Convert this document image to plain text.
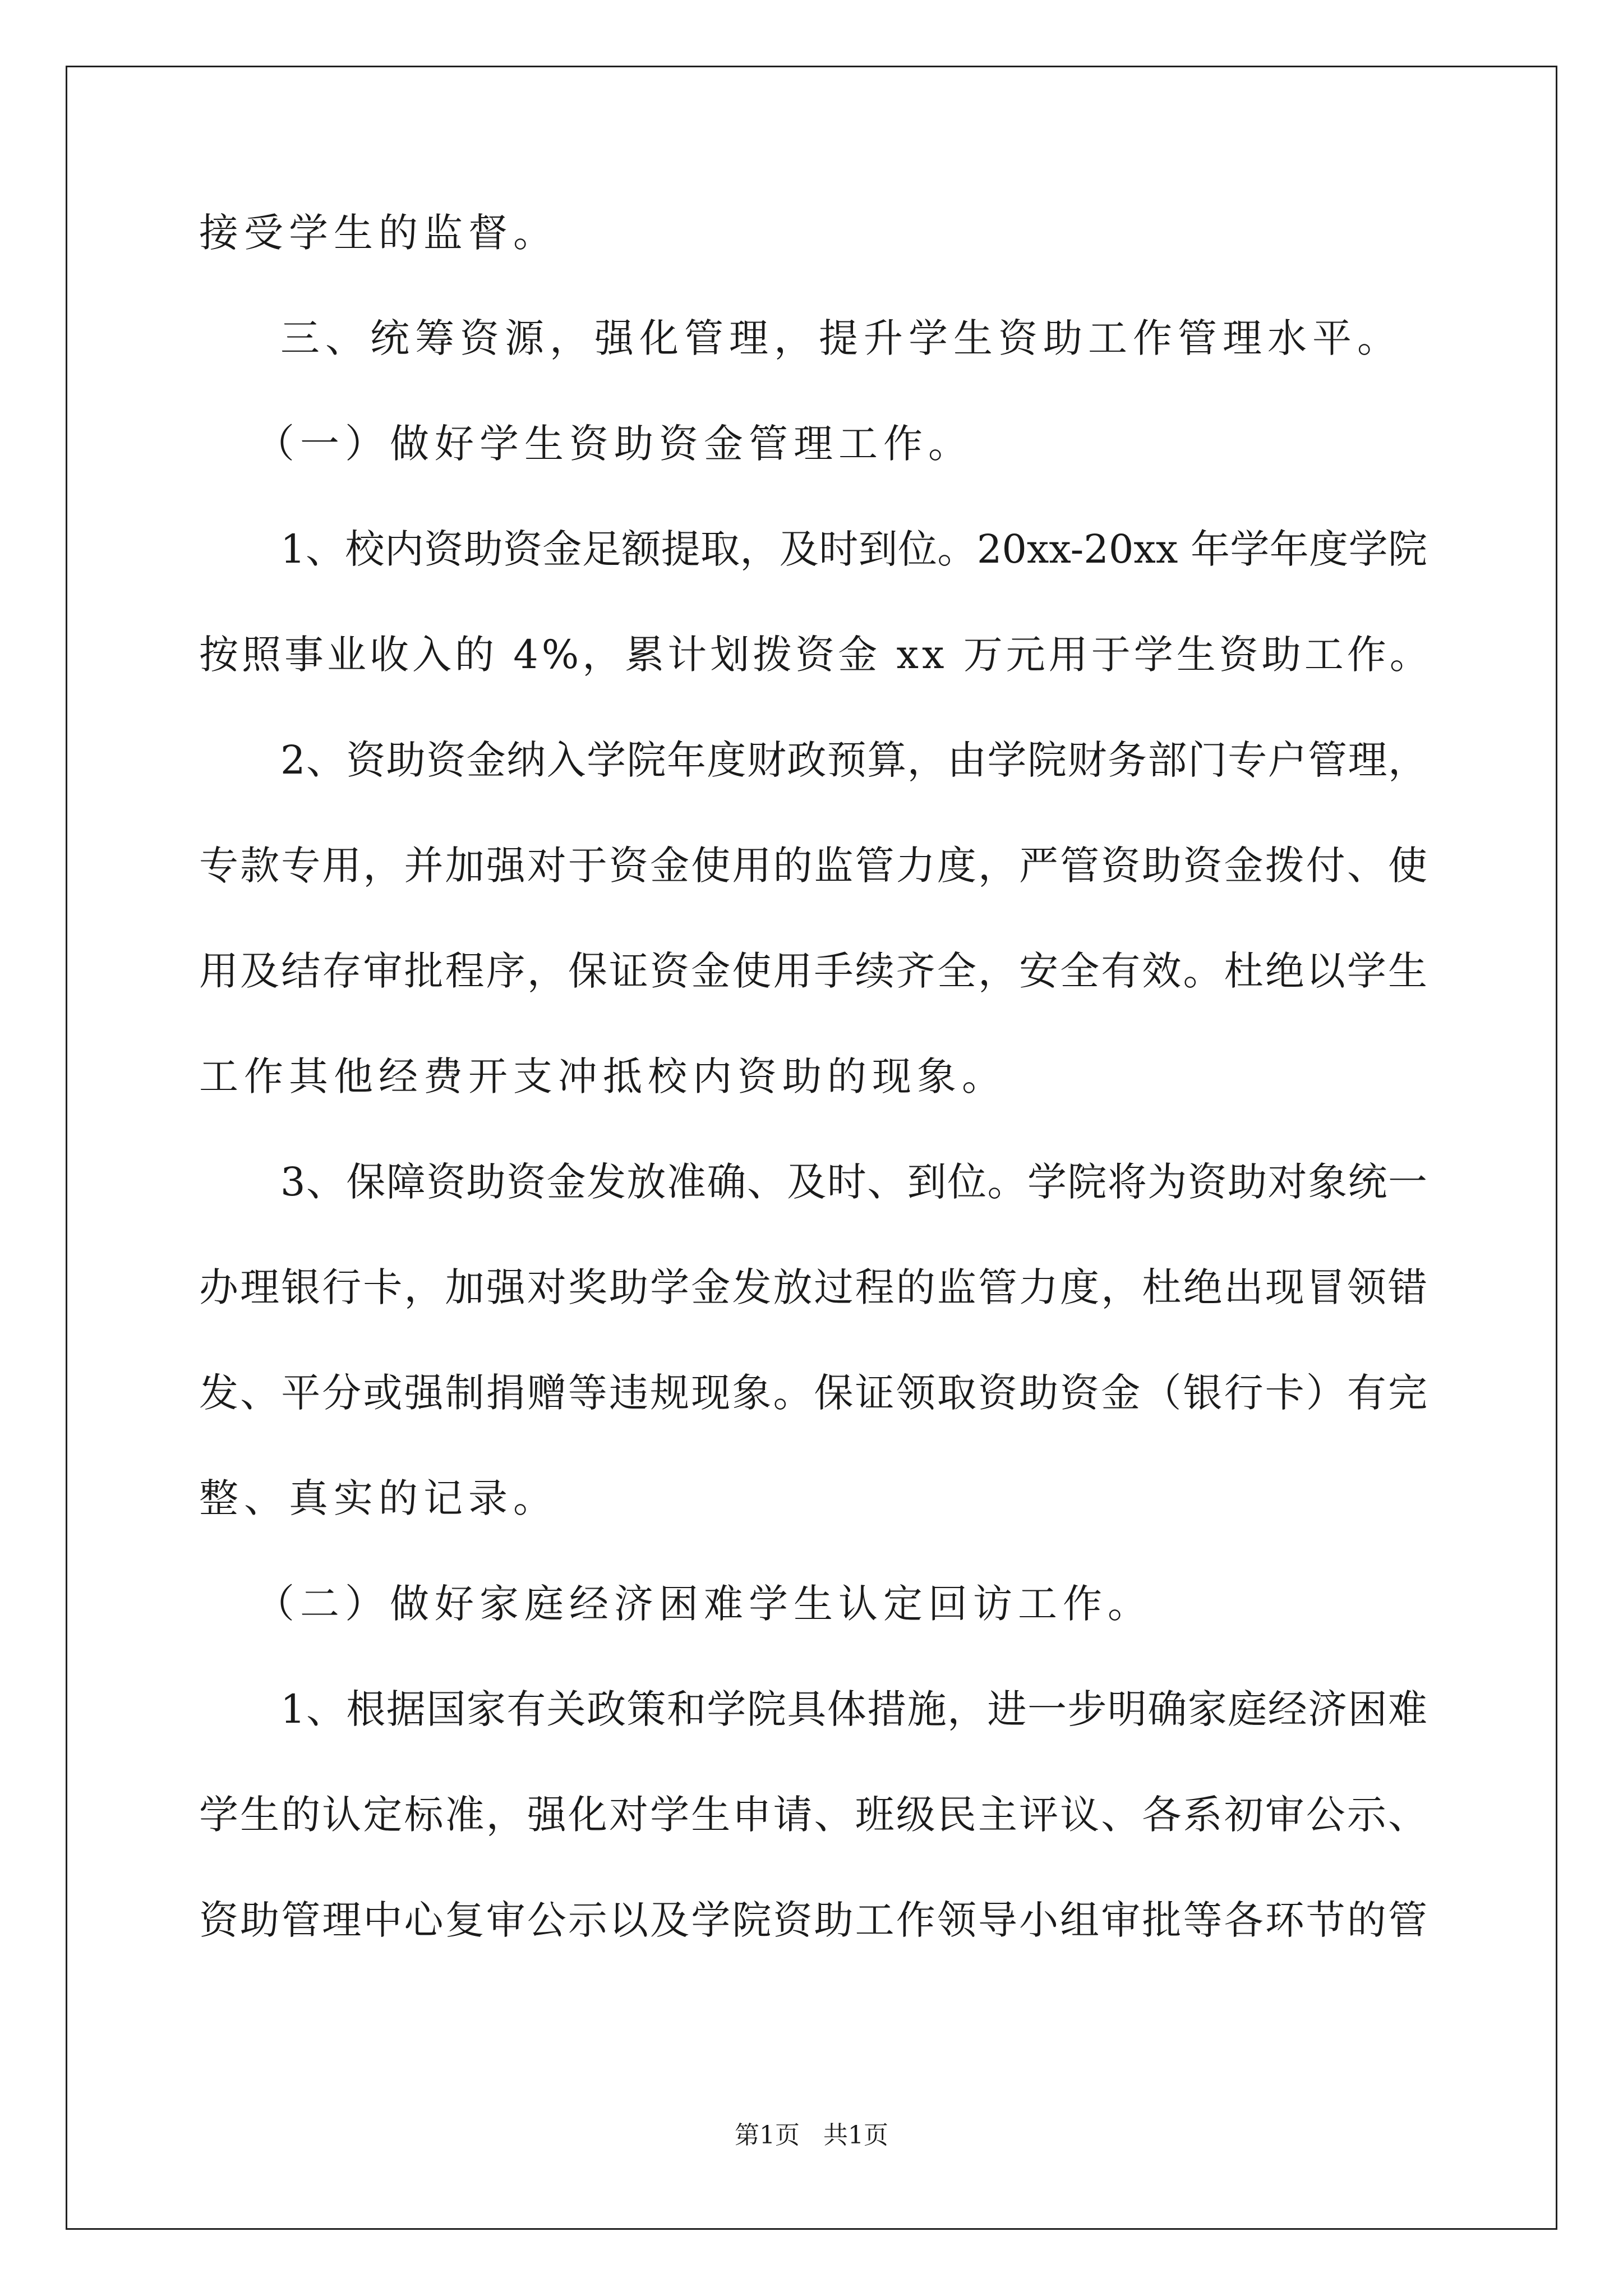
接受学生的监督。
三、统筹资源，强化管理，提升学生资助工作管理水平。
（一）做好学生资助资金管理工作。
1、校内资助资金足额提取，及时到位。20xx-20xx 年学年度学院
按照事业收入的 4%，累计划拨资金 xx 万元用于学生资助工作。
2、资助资金纳入学院年度财政预算，由学院财务部门专户管理，
专款专用，并加强对于资金使用的监管力度，严管资助资金拨付、使
用及结存审批程序，保证资金使用手续齐全，安全有效。杜绝以学生
工作其他经费开支冲抵校内资助的现象。
3、保障资助资金发放准确、及时、到位。学院将为资助对象统一
办理银行卡，加强对奖助学金发放过程的监管力度，杜绝出现冒领错
发、平分或强制捐赠等违规现象。保证领取资助资金（银行卡）有完
整、真实的记录。
（二）做好家庭经济困难学生认定回访工作。
1、根据国家有关政策和学院具体措施，进一步明确家庭经济困难
学生的认定标准，强化对学生申请、班级民主评议、各系初审公示、
资助管理中心复审公示以及学院资助工作领导小组审批等各环节的管
第1页   共1页
